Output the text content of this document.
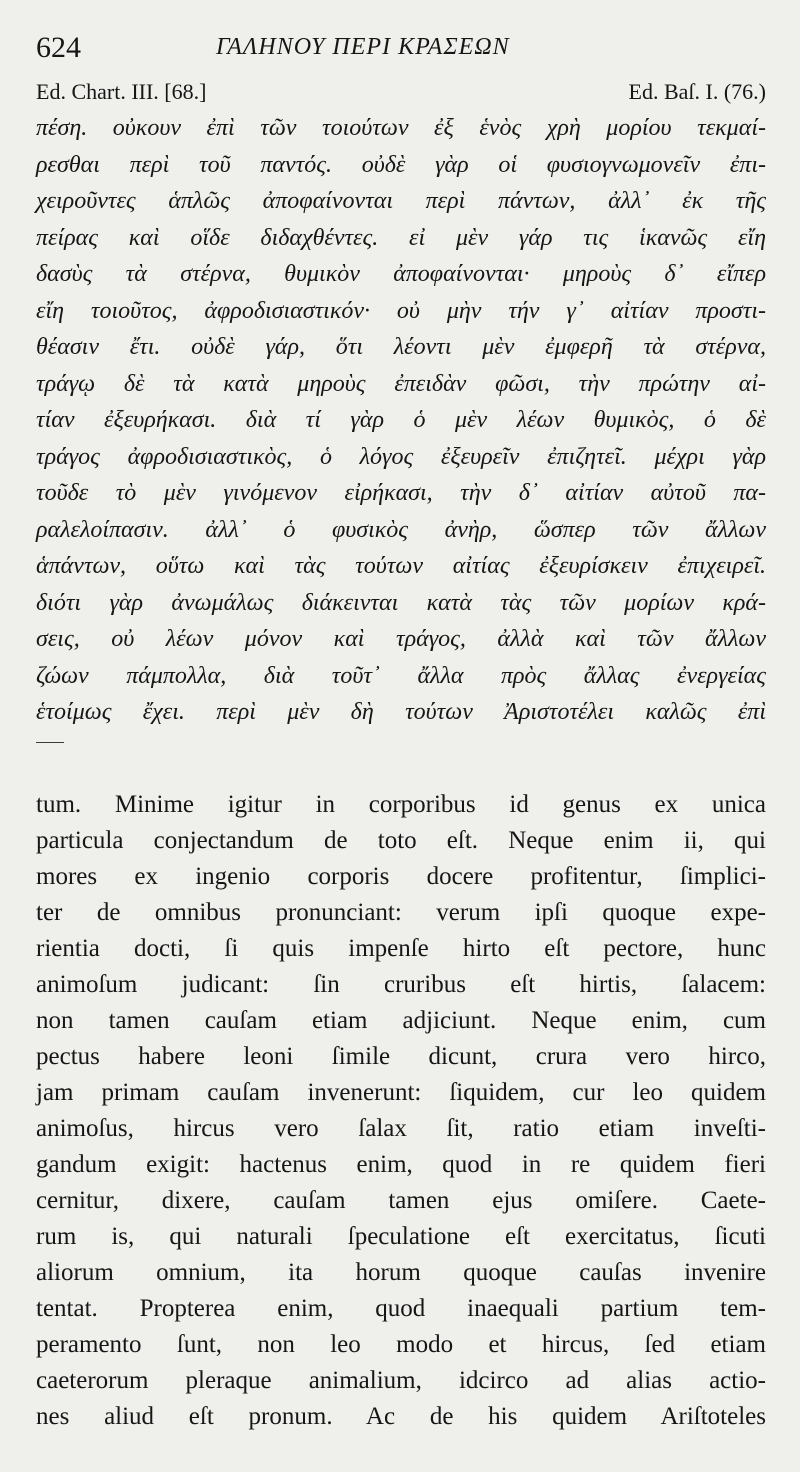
624	ΓΑΛΗΝΟΥ ΠΕΡΙ ΚΡΑΣΕΩΝ
Ed. Chart. III. [68.]	Ed. Baſ. I. (76.)
πέση. οὐκουν ἐπὶ τῶν τοιούτων ἐξ ἑνὸς χρὴ μορίου τεκμαί-
ρεσθαι περὶ τοῦ παντός. οὐδὲ γὰρ οἱ φυσιογνωμονεῖν ἐπι-
χειροῦντες ἁπλῶς ἀποφαίνονται περὶ πάντων, ἀλλ᾽ ἐκ τῆς
πείρας καὶ οἵδε διδαχθέντες. εἰ μὲν γάρ τις ἱκανῶς εἴη
δασὺς τὰ στέρνα, θυμικὸν ἀποφαίνονται· μηροὺς δ᾽ εἴπερ
εἴη τοιοῦτος, ἀφροδισιαστικόν· οὐ μὴν τήν γ᾽ αἰτίαν προστι-
θέασιν ἔτι. οὐδὲ γάρ, ὅτι λέοντι μὲν ἐμφερῆ τὰ στέρνα,
τράγῳ δὲ τὰ κατὰ μηροὺς ἐπειδὰν φῶσι, τὴν πρώτην αἰ-
τίαν ἐξευρήκασι. διὰ τί γὰρ ὁ μὲν λέων θυμικὸς, ὁ δὲ
τράγος ἀφροδισιαστικὸς, ὁ λόγος ἐξευρεῖν ἐπιζητεῖ. μέχρι γὰρ
τοῦδε τὸ μὲν γινόμενον εἰρήκασι, τὴν δ᾽ αἰτίαν αὐτοῦ πα-
ραλελοίπασιν. ἀλλ᾽ ὁ φυσικὸς ἀνὴρ, ὥσπερ τῶν ἄλλων
ἁπάντων, οὕτω καὶ τὰς τούτων αἰτίας ἐξευρίσκειν ἐπιχειρεῖ.
διότι γὰρ ἀνωμάλως διάκεινται κατὰ τὰς τῶν μορίων κρά-
σεις, οὐ λέων μόνον καὶ τράγος, ἀλλὰ καὶ τῶν ἄλλων
ζώων πάμπολλα, διὰ τοῦτ᾽ ἄλλα πρὸς ἄλλας ἐνεργείας
ἑτοίμως ἔχει. περὶ μὲν δὴ τούτων Ἀριστοτέλει καλῶς ἐπὶ
tum. Minime igitur in corporibus id genus ex unica
particula conjectandum de toto eſt. Neque enim ii, qui
mores ex ingenio corporis docere profitentur, ſimplici-
ter de omnibus pronunciant: verum ipſi quoque expe-
rientia docti, ſi quis impenſe hirto eſt pectore, hunc
animoſum judicant: ſin cruribus eſt hirtis, ſalacem:
non tamen cauſam etiam adjiciunt. Neque enim, cum
pectus habere leoni ſimile dicunt, crura vero hirco,
jam primam cauſam invenerunt: ſiquidem, cur leo quidem
animoſus, hircus vero ſalax ſit, ratio etiam inveſti-
gandum exigit: hactenus enim, quod in re quidem fieri
cernitur, dixere, cauſam tamen ejus omiſere. Caete-
rum is, qui naturali ſpeculatione eſt exercitatus, ſicuti
aliorum omnium, ita horum quoque cauſas invenire
tentat. Propterea enim, quod inaequali partium tem-
peramento ſunt, non leo modo et hircus, ſed etiam
caeterorum pleraque animalium, idcirco ad alias actio-
nes aliud eſt pronum. Ac de his quidem Ariſtoteles
